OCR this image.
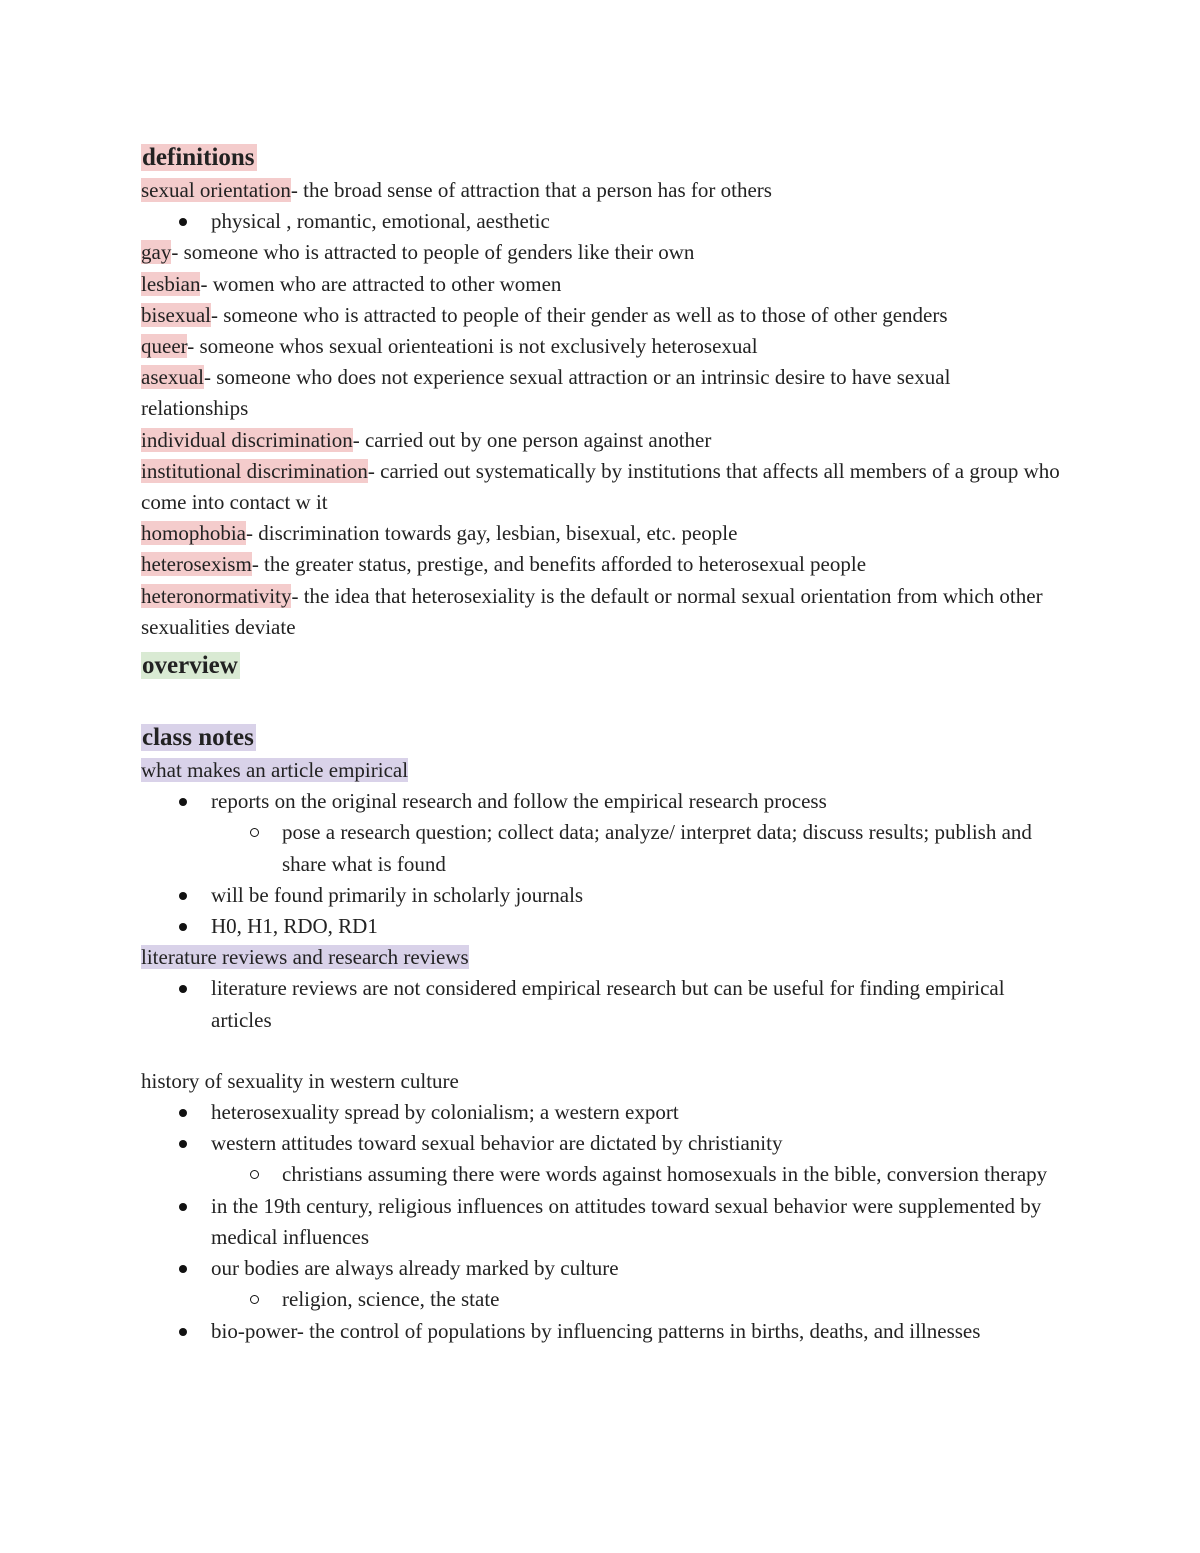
definitions
sexual orientation- the broad sense of attraction that a person has for others
physical , romantic, emotional, aesthetic
gay- someone who is attracted to people of genders like their own
lesbian- women who are attracted to other women
bisexual- someone who is attracted to people of their gender as well as to those of other genders
queer- someone whos sexual orienteationi is not exclusively heterosexual
asexual- someone who does not experience sexual attraction or an intrinsic desire to have sexual relationships
individual discrimination- carried out by one person against another
institutional discrimination- carried out systematically by institutions that affects all members of a group who come into contact w it
homophobia- discrimination towards gay, lesbian, bisexual, etc. people
heterosexism- the greater status, prestige, and benefits afforded to heterosexual people
heteronormativity- the idea that heterosexiality is the default or normal sexual orientation from which other sexualities deviate
overview
class notes
what makes an article empirical
reports on the original research and follow the empirical research process
pose a research question; collect data; analyze/ interpret data; discuss results; publish and share what is found
will be found primarily in scholarly journals
H0, H1, RDO, RD1
literature reviews and research reviews
literature reviews are not considered empirical research but can be useful for finding empirical articles
history of sexuality in western culture
heterosexuality spread by colonialism; a western export
western attitudes toward sexual behavior are dictated by christianity
christians assuming there were words against homosexuals in the bible, conversion therapy
in the 19th century, religious influences on attitudes toward sexual behavior were supplemented by medical influences
our bodies are always already marked by culture
religion, science, the state
bio-power- the control of populations by influencing patterns in births, deaths, and illnesses
